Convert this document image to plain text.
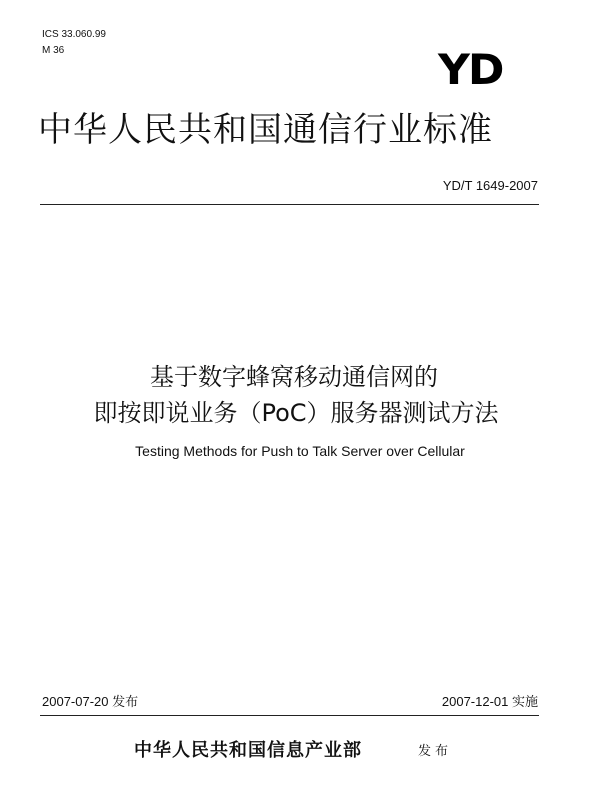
ICS 33.060.99
M 36	YD
中华人民共和国通信行业标准
YD/T 1649-2007
基于数字蜂窝移动通信网的
即按即说业务（PoC）服务器测试方法
Testing Methods for Push to Talk Server over Cellular
2007-07-20 发布	2007-12-01 实施
中华人民共和国信息产业部	发布
